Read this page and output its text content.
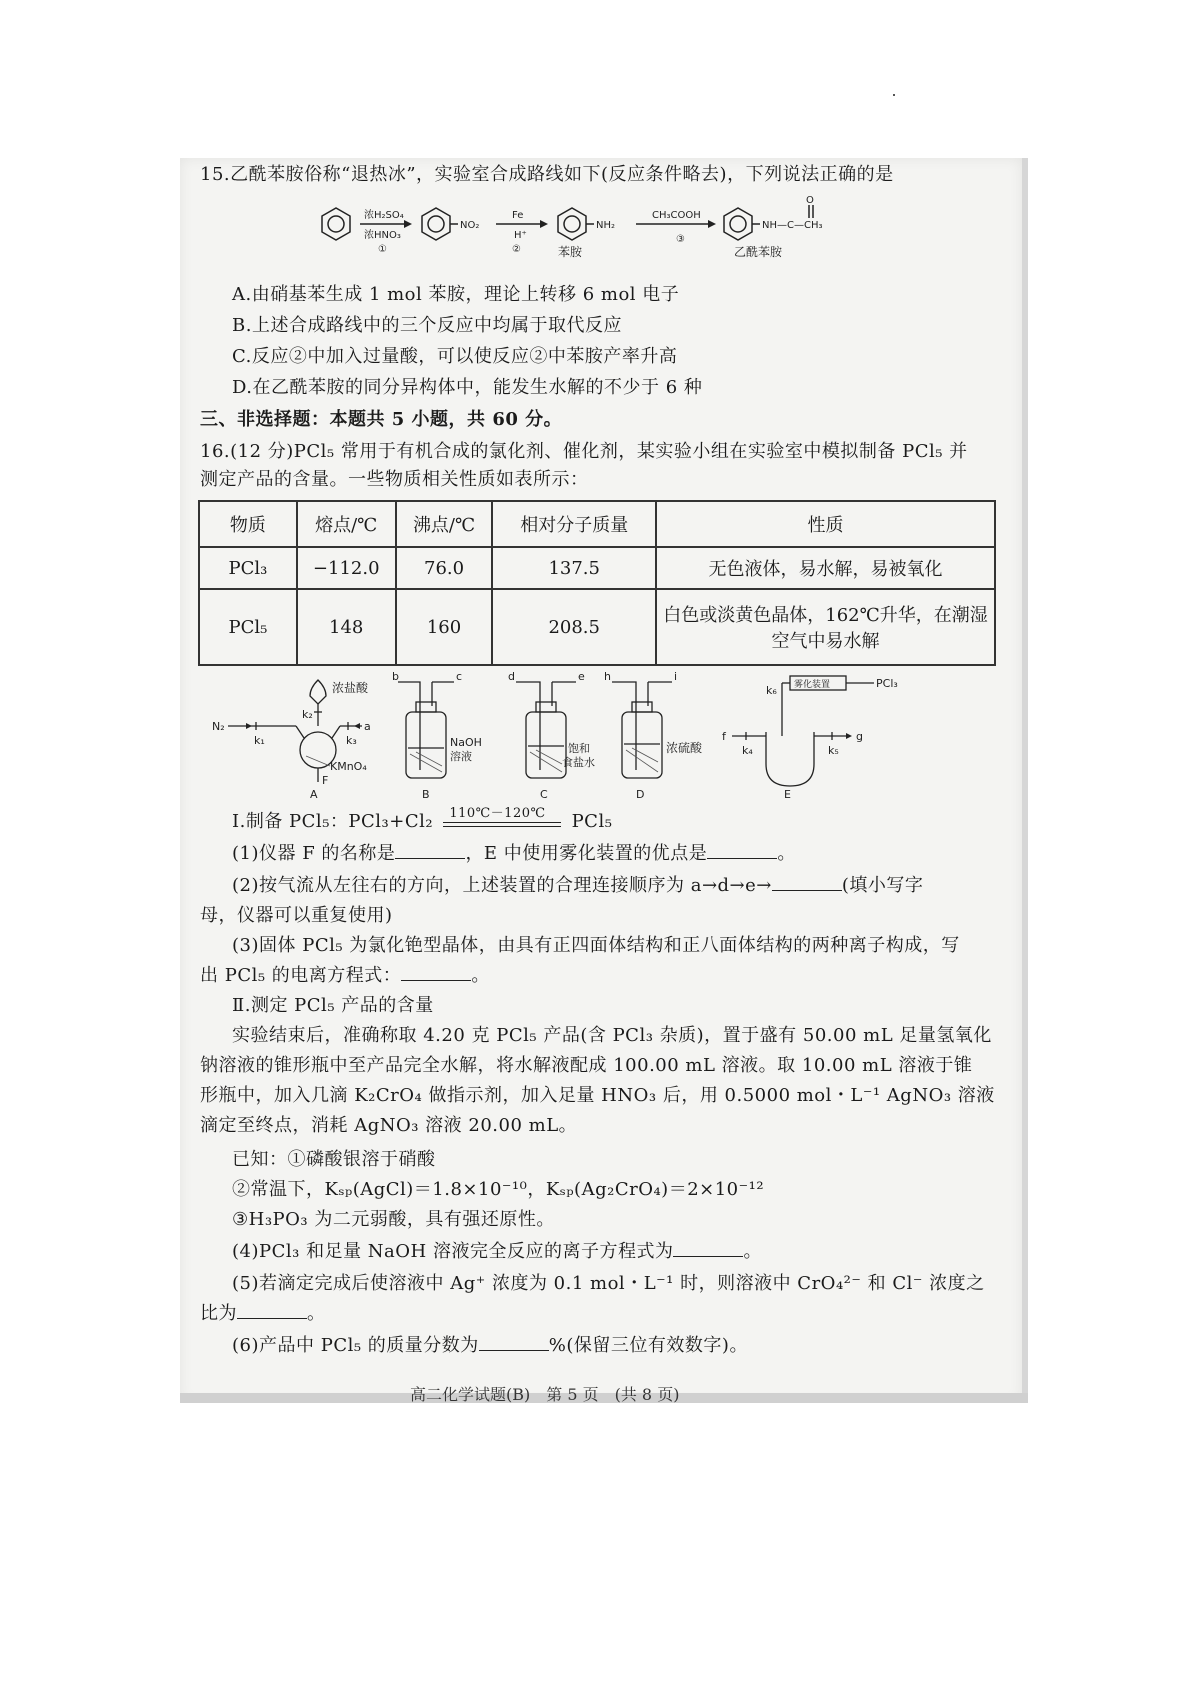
15.乙酰苯胺俗称“退热冰”，实验室合成路线如下(反应条件略去)，下列说法正确的是
浓H₂SO₄
浓HNO₃
①
NO₂
Fe
H⁺
②
NH₂
苯胺
CH₃COOH
③
O
NH—C—CH₃
乙酰苯胺
A.由硝基苯生成 1 mol 苯胺，理论上转移 6 mol 电子
B.上述合成路线中的三个反应中均属于取代反应
C.反应②中加入过量酸，可以使反应②中苯胺产率升高
D.在乙酰苯胺的同分异构体中，能发生水解的不少于 6 种
三、非选择题：本题共 5 小题，共 60 分。
16.(12 分)PCl₅ 常用于有机合成的氯化剂、催化剂，某实验小组在实验室中模拟制备 PCl₅ 并
测定产品的含量。一些物质相关性质如表所示：
物质	熔点/℃	沸点/℃	相对分子质量	性质
PCl₃	−112.0	76.0	137.5	无色液体，易水解，易被氧化
PCl₅	148	160	208.5	白色或淡黄色晶体，162℃升华，在潮湿
空气中易水解
N₂
k₁
k₂
k₃
a
浓盐酸
KMnO₄
F
A
b	c
NaOH
溶液
B
d	e
饱和
食盐水
C
h	i
浓硫酸
D
雾化装置	PCl₃
k₆
f
k₄	k₅
g
E
Ⅰ.制备 PCl₅：PCl₃+Cl₂ 110℃－120℃ PCl₅
(1)仪器 F 的名称是	，E 中使用雾化装置的优点是	。
(2)按气流从左往右的方向，上述装置的合理连接顺序为 a→d→e→	(填小写字
母，仪器可以重复使用)
(3)固体 PCl₅ 为氯化铯型晶体，由具有正四面体结构和正八面体结构的两种离子构成，写
出 PCl₅ 的电离方程式：	。
Ⅱ.测定 PCl₅ 产品的含量
实验结束后，准确称取 4.20 克 PCl₅ 产品(含 PCl₃ 杂质)，置于盛有 50.00 mL 足量氢氧化
钠溶液的锥形瓶中至产品完全水解，将水解液配成 100.00 mL 溶液。取 10.00 mL 溶液于锥
形瓶中，加入几滴 K₂CrO₄ 做指示剂，加入足量 HNO₃ 后，用 0.5000 mol・L⁻¹ AgNO₃ 溶液
滴定至终点，消耗 AgNO₃ 溶液 20.00 mL。
已知：①磷酸银溶于硝酸
②常温下，Kₛₚ(AgCl)＝1.8×10⁻¹⁰，Kₛₚ(Ag₂CrO₄)＝2×10⁻¹²
③H₃PO₃ 为二元弱酸，具有强还原性。
(4)PCl₃ 和足量 NaOH 溶液完全反应的离子方程式为	。
(5)若滴定完成后使溶液中 Ag⁺ 浓度为 0.1 mol・L⁻¹ 时，则溶液中 CrO₄²⁻ 和 Cl⁻ 浓度之
比为	。
(6)产品中 PCl₅ 的质量分数为	%(保留三位有效数字)。
高二化学试题(B)　第 5 页　(共 8 页)
